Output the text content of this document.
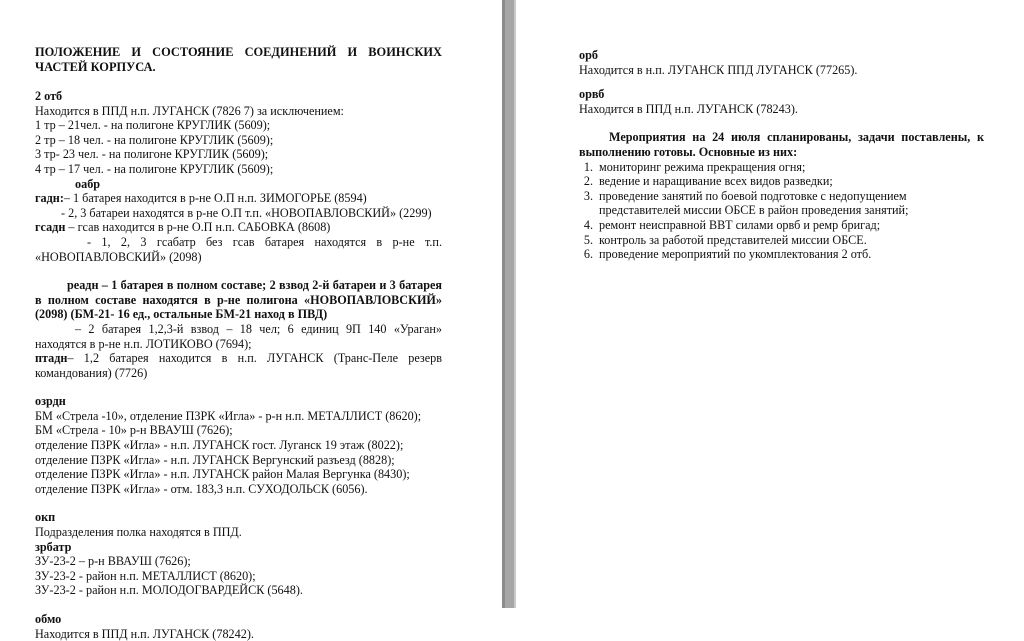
ПОЛОЖЕНИЕ И СОСТОЯНИЕ СОЕДИНЕНИЙ И ВОИНСКИХ ЧАСТЕЙ КОРПУСА.

2 отб

Находится в ППД н.п. ЛУГАНСК (7826 7) за исключением:

1 тр – 21чел. - на полигоне КРУГЛИК (5609);

2 тр – 18 чел. - на полигоне КРУГЛИК (5609);

3 тр- 23 чел. - на полигоне КРУГЛИК (5609);

4 тр – 17 чел. - на полигоне КРУГЛИК (5609);

оабр

гадн:– 1 батарея находится в р-не О.П н.п. ЗИМОГОРЬЕ (8594)

- 2, 3 батареи находятся в р-не О.П т.п. «НОВОПАВЛОВСКИЙ» (2299)

гсадн – гсав находится в р-не О.П н.п. САБОВКА (8608)

- 1, 2, 3 гсабатр без гсав батарея находятся в р-не т.п. «НОВОПАВЛОВСКИЙ» (2098)

реадн – 1 батарея в полном составе; 2 взвод 2-й батареи и 3 батарея в полном составе находятся в р-не полигона «НОВОПАВЛОВСКИЙ» (2098) (БМ-21- 16 ед., остальные БМ-21 наход в ПВД)

– 2 батарея 1,2,3-й взвод – 18 чел; 6 единиц 9П 140 «Ураган» находятся в р-не н.п. ЛОТИКОВО (7694);

птадн– 1,2 батарея находится в н.п. ЛУГАНСК (Транс-Пеле резерв командования) (7726)

озрдн

БМ «Стрела -10», отделение ПЗРК «Игла» - р-н н.п. МЕТАЛЛИСТ (8620);

БМ «Стрела - 10» р-н ВВАУШ (7626);

отделение ПЗРК «Игла» - н.п. ЛУГАНСК гост. Луганск 19 этаж (8022);

отделение ПЗРК «Игла» - н.п. ЛУГАНСК Вергунский разъезд (8828);

отделение ПЗРК «Игла» - н.п. ЛУГАНСК район Малая Вергунка (8430);

отделение ПЗРК «Игла» - отм. 183,3 н.п. СУХОДОЛЬСК (6056).

окп

Подразделения полка находятся в ППД.

зрбатр

ЗУ-23-2 – р-н ВВАУШ (7626);

ЗУ-23-2 - район н.п. МЕТАЛЛИСТ (8620);

ЗУ-23-2 - район н.п. МОЛОДОГВАРДЕЙСК (5648).

обмо

Находится в ППД н.п. ЛУГАНСК (78242).

орб

Находится в н.п. ЛУГАНСК ППД ЛУГАНСК (77265).

орвб

Находится в ППД н.п. ЛУГАНСК (78243).

Мероприятия на 24 июля спланированы, задачи поставлены, к выполнению готовы. Основные из них:

1. мониторинг режима прекращения огня;
2. ведение и наращивание всех видов разведки;
3. проведение занятий по боевой подготовке с недопущением представителей миссии ОБСЕ в район проведения занятий;
4. ремонт неисправной ВВТ силами орвб и ремр бригад;
5. контроль за работой представителей миссии ОБСЕ.
6. проведение мероприятий по укомплектования 2 отб.
